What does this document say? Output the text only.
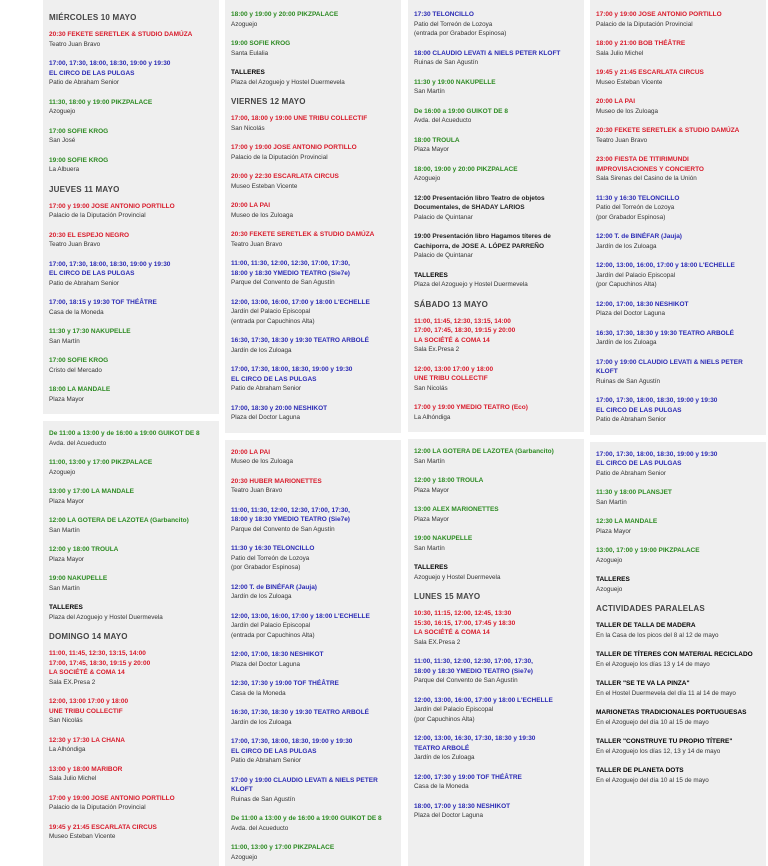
MIÉRCOLES 10 MAYO
20:30 FEKETE SERETLEK & STUDIO DAMÚZA
Teatro Juan Bravo
17:00, 17:30, 18:00, 18:30, 19:00 y 19:30
EL CIRCO DE LAS PULGAS
Patio de Abraham Senior
11:30, 18:00 y 19:00 PIKZPALACE
Azoguejo
17:00 SOFIE KROG
San José
19:00 SOFIE KROG
La Albuera
JUEVES 11 MAYO
17:00 y 19:00 JOSE ANTONIO PORTILLO
Palacio de la Diputación Provincial
20:30 EL ESPEJO NEGRO
Teatro Juan Bravo
17:00, 17:30, 18:00, 18:30, 19:00 y 19:30
EL CIRCO DE LAS PULGAS
Patio de Abraham Senior
17:00, 18:15 y 19:30 TOF THÉÂTRE
Casa de la Moneda
11:30 y 17:30 NAKUPELLE
San Martín
17:00 SOFIE KROG
Cristo del Mercado
18:00 LA MANDALE
Plaza Mayor
De 11:00 a 13:00 y de 16:00 a 19:00 GUIKOT DE 8
Avda. del Acueducto
11:00, 13:00 y 17:00 PIKZPALACE
Azoguejo
13:00 y 17:00 LA MANDALE
Plaza Mayor
12:00 LA GOTERA DE LAZOTEA (Garbancito)
San Martín
12:00 y 18:00 TROULA
Plaza Mayor
19:00 NAKUPELLE
San Martín
TALLERES
Plaza del Azoguejo y Hostel Duermevela
DOMINGO 14 MAYO
11:00, 11:45, 12:30, 13:15, 14:00
17:00, 17:45, 18:30, 19:15 y 20:00
LA SOCIÉTÉ & COMA 14
Sala EX.Presa 2
12:00, 13:00 17:00 y 18:00
UNE TRIBU COLLECTIF
San Nicolás
12:30 y 17:30 LA CHANA
La Alhóndiga
13:00 y 18:00 MARIBOR
Sala Julio Michel
17:00 y 19:00 JOSE ANTONIO PORTILLO
Palacio de la Diputación Provincial
19:45 y 21:45 ESCARLATA CIRCUS
Museo Esteban Vicente
18:00 y 19:00 y 20:00 PIKZPALACE
Azoguejo
19:00 SOFIE KROG
Santa Eulalia
TALLERES
Plaza del Azoguejo y Hostel Duermevela
VIERNES 12 MAYO
17:00, 18:00 y 19:00 UNE TRIBU COLLECTIF
San Nicolás
17:00 y 19:00 JOSE ANTONIO PORTILLO
Palacio de la Diputación Provincial
20:00 y 22:30 ESCARLATA CIRCUS
Museo Esteban Vicente
20:00 LA PAI
Museo de los Zuloaga
20:30 FEKETE SERETLEK & STUDIO DAMÚZA
Teatro Juan Bravo
11:00, 11:30, 12:00, 12:30, 17:00, 17:30,
18:00 y 18:30 YMEDIO TEATRO (Sie7e)
Parque del Convento de San Agustín
12:00, 13:00, 16:00, 17:00 y 18:00 L'ECHELLE
Jardín del Palacio Episcopal
(entrada por Capuchinos Alta)
16:30, 17:30, 18:30 y 19:30 TEATRO ARBOLÉ
Jardín de los Zuloaga
17:00, 17:30, 18:00, 18:30, 19:00 y 19:30
EL CIRCO DE LAS PULGAS
Patio de Abraham Senior
17:00, 18:30 y 20:00 NESHIKOT
Plaza del Doctor Laguna
20:00 LA PAI
Museo de los Zuloaga
20:30 HUBER MARIONETTES
Teatro Juan Bravo
11:00, 11:30, 12:00, 12:30, 17:00, 17:30,
18:00 y 18:30 YMEDIO TEATRO (Sie7e)
Parque del Convento de San Agustín
11:30 y 16:30 TELONCILLO
Patio del Torreón de Lozoya
(por Grabador Espinosa)
12:00 T. de BINÉFAR (Jauja)
Jardín de los Zuloaga
12:00, 13:00, 16:00, 17:00 y 18:00 L'ECHELLE
Jardín del Palacio Episcopal
(entrada por Capuchinos Alta)
12:00, 17:00, 18:30 NESHIKOT
Plaza del Doctor Laguna
12:30, 17:30 y 19:00 TOF THÉÂTRE
Casa de la Moneda
16:30, 17:30, 18:30 y 19:30 TEATRO ARBOLÉ
Jardín de los Zuloaga
17:00, 17:30, 18:00, 18:30, 19:00 y 19:30
EL CIRCO DE LAS PULGAS
Patio de Abraham Senior
17:00 y 19:00 CLAUDIO LEVATI & NIELS PETER
KLOFT
Ruinas de San Agustín
De 11:00 a 13:00 y de 16:00 a 19:00 GUIKOT DE 8
Avda. del Acueducto
11:00, 13:00 y 17:00 PIKZPALACE
Azoguejo
17:30 TELONCILLO
Patio del Torreón de Lozoya
(entrada por Grabador Espinosa)
18:00 CLAUDIO LEVATI & NIELS PETER KLOFT
Ruinas de San Agustín
11:30 y 19:00 NAKUPELLE
San Martín
De 16:00 a 19:00 GUIKOT DE 8
Avda. del Acueducto
18:00 TROULA
Plaza Mayor
18:00, 19:00 y 20:00 PIKZPALACE
Azoguejo
12:00 Presentación libro Teatro de objetos
Documentales, de SHADAY LARIOS
Palacio de Quintanar
19:00 Presentación libro Hagamos títeres de
Cachiporra, de JOSE A. LÓPEZ PARREÑO
Palacio de Quintanar
TALLERES
Plaza del Azoguejo y Hostel Duermevela
SÁBADO 13 MAYO
11:00, 11:45, 12:30, 13:15, 14:00
17:00, 17:45, 18:30, 19:15 y 20:00
LA SOCIÉTÉ & COMA 14
Sala Ex.Presa 2
12:00, 13:00 17:00 y 18:00
UNE TRIBU COLLECTIF
San Nicolás
17:00 y 19:00 YMEDIO TEATRO (Eco)
La Alhóndiga
12:00 LA GOTERA DE LAZOTEA (Garbancito)
San Martín
12:00 y 18:00 TROULA
Plaza Mayor
13:00 ALEX MARIONETTES
Plaza Mayor
19:00 NAKUPELLE
San Martín
TALLERES
Azoguejo y Hostel Duermevela
LUNES 15 MAYO
10:30, 11:15, 12:00, 12:45, 13:30
15:30, 16:15, 17:00, 17:45 y 18:30
LA SOCIÉTÉ & COMA 14
Sala EX.Presa 2
11:00, 11:30, 12:00, 12:30, 17:00, 17:30,
18:00 y 18:30 YMEDIO TEATRO (Sie7e)
Parque del Convento de San Agustín
12:00, 13:00, 16:00, 17:00 y 18:00 L'ECHELLE
Jardín del Palacio Episcopal
(por Capuchinos Alta)
12:00, 13:00, 16:30, 17:30, 18:30 y 19:30
TEATRO ARBOLÉ
Jardín de los Zuloaga
12:00, 17:30 y 19:00 TOF THÉÂTRE
Casa de la Moneda
18:00, 17:00 y 18:30 NESHIKOT
Plaza del Doctor Laguna
17:00 y 19:00 JOSE ANTONIO PORTILLO
Palacio de la Diputación Provincial
18:00 y 21:00 BOB THÉÂTRE
Sala Julio Michel
19:45 y 21:45 ESCARLATA CIRCUS
Museo Esteban Vicente
20:00 LA PAI
Museo de los Zuloaga
20:30 FEKETE SERETLEK & STUDIO DAMÚZA
Teatro Juan Bravo
23:00 FIESTA DE TITIRIMUNDI
IMPROVISACIONES Y CONCIERTO
Sala Sirenas del Casino de la Unión
11:30 y 16:30 TELONCILLO
Patio del Torreón de Lozoya
(por Grabador Espinosa)
12:00 T. de BINÉFAR (Jauja)
Jardín de los Zuloaga
12:00, 13:00, 16:00, 17:00 y 18:00 L'ECHELLE
Jardín del Palacio Episcopal
(por Capuchinos Alta)
12:00, 17:00, 18:30 NESHIKOT
Plaza del Doctor Laguna
16:30, 17:30, 18:30 y 19:30 TEATRO ARBOLÉ
Jardín de los Zuloaga
17:00 y 19:00 CLAUDIO LEVATI & NIELS PETER
KLOFT
Ruinas de San Agustín
17:00, 17:30, 18:00, 18:30, 19:00 y 19:30
EL CIRCO DE LAS PULGAS
Patio de Abraham Senior
17:00, 17:30, 18:00, 18:30, 19:00 y 19:30
EL CIRCO DE LAS PULGAS
Patio de Abraham Senior
11:30 y 18:00 PLANSJET
San Martín
12:30 LA MANDALE
Plaza Mayor
13:00, 17:00 y 19:00 PIKZPALACE
Azoguejo
TALLERES
Azoguejo
ACTIVIDADES PARALELAS
TALLER DE TALLA DE MADERA
En la Casa de los picos del 8 al 12 de mayo
TALLER DE TÍTERES CON MATERIAL RECICLADO
En el Azoguejo los días 13 y 14 de mayo
TALLER "SE TE VA LA PINZA"
En el Hostel Duermevela del día 11 al 14 de mayo
MARIONETAS TRADICIONALES PORTUGUESAS
En el Azoguejo del día 10 al 15 de mayo
TALLER "CONSTRUYE TU PROPIO TÍTERE"
En el Azoguejo los días 12, 13 y 14 de mayo
TALLER DE PLANETA DOTS
En el Azoguejo del día 10 al 15 de mayo
